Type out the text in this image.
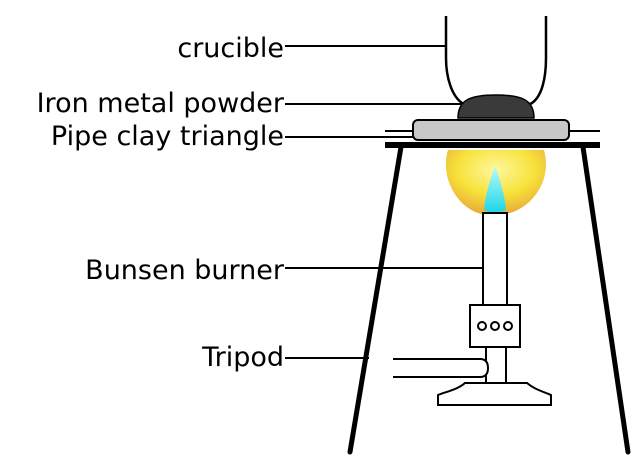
crucible
Iron metal powder
Pipe clay triangle
Bunsen burner
Tripod
